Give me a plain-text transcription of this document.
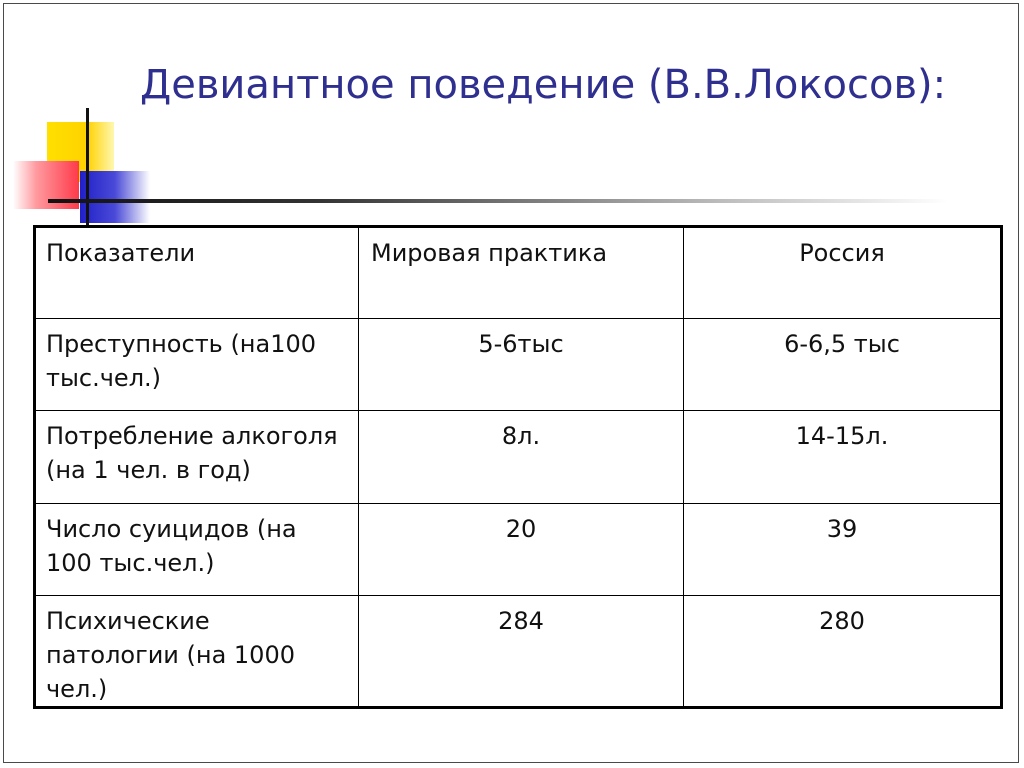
Девиантное поведение (В.В.Локосов):
Показатели	Мировая практика	Россия
Преступность (на100 тыс.чел.)	5-6тыс	6-6,5 тыс
Потребление алкоголя (на 1 чел. в год)	8л.	14-15л.
Число суицидов (на 100 тыс.чел.)	20	39
Психические патологии (на 1000 чел.)	284	280
